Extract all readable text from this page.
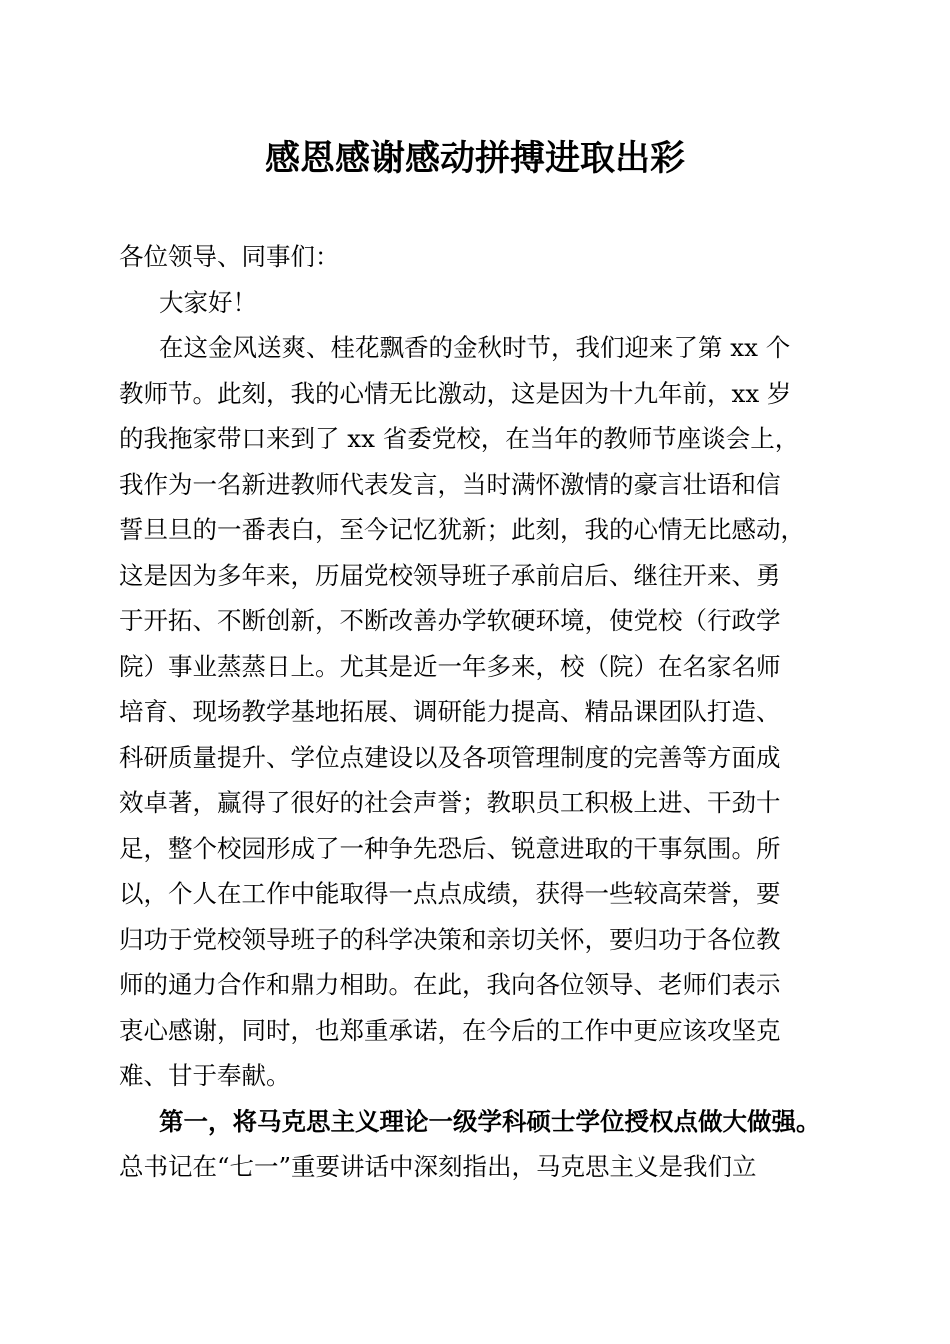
感恩感谢感动拼搏进取出彩
各位领导、同事们：
大家好！
在这金风送爽、桂花飘香的金秋时节，我们迎来了第 xx 个
教师节。此刻，我的心情无比激动，这是因为十九年前，xx 岁
的我拖家带口来到了 xx 省委党校，在当年的教师节座谈会上，
我作为一名新进教师代表发言，当时满怀激情的豪言壮语和信
誓旦旦的一番表白，至今记忆犹新；此刻，我的心情无比感动，
这是因为多年来，历届党校领导班子承前启后、继往开来、勇
于开拓、不断创新，不断改善办学软硬环境，使党校（行政学
院）事业蒸蒸日上。尤其是近一年多来，校（院）在名家名师
培育、现场教学基地拓展、调研能力提高、精品课团队打造、
科研质量提升、学位点建设以及各项管理制度的完善等方面成
效卓著，赢得了很好的社会声誉；教职员工积极上进、干劲十
足，整个校园形成了一种争先恐后、锐意进取的干事氛围。所
以，个人在工作中能取得一点点成绩，获得一些较高荣誉，要
归功于党校领导班子的科学决策和亲切关怀，要归功于各位教
师的通力合作和鼎力相助。在此，我向各位领导、老师们表示
衷心感谢，同时，也郑重承诺，在今后的工作中更应该攻坚克
难、甘于奉献。
第一，将马克思主义理论一级学科硕士学位授权点做大做强。
总书记在“七一”重要讲话中深刻指出，马克思主义是我们立
